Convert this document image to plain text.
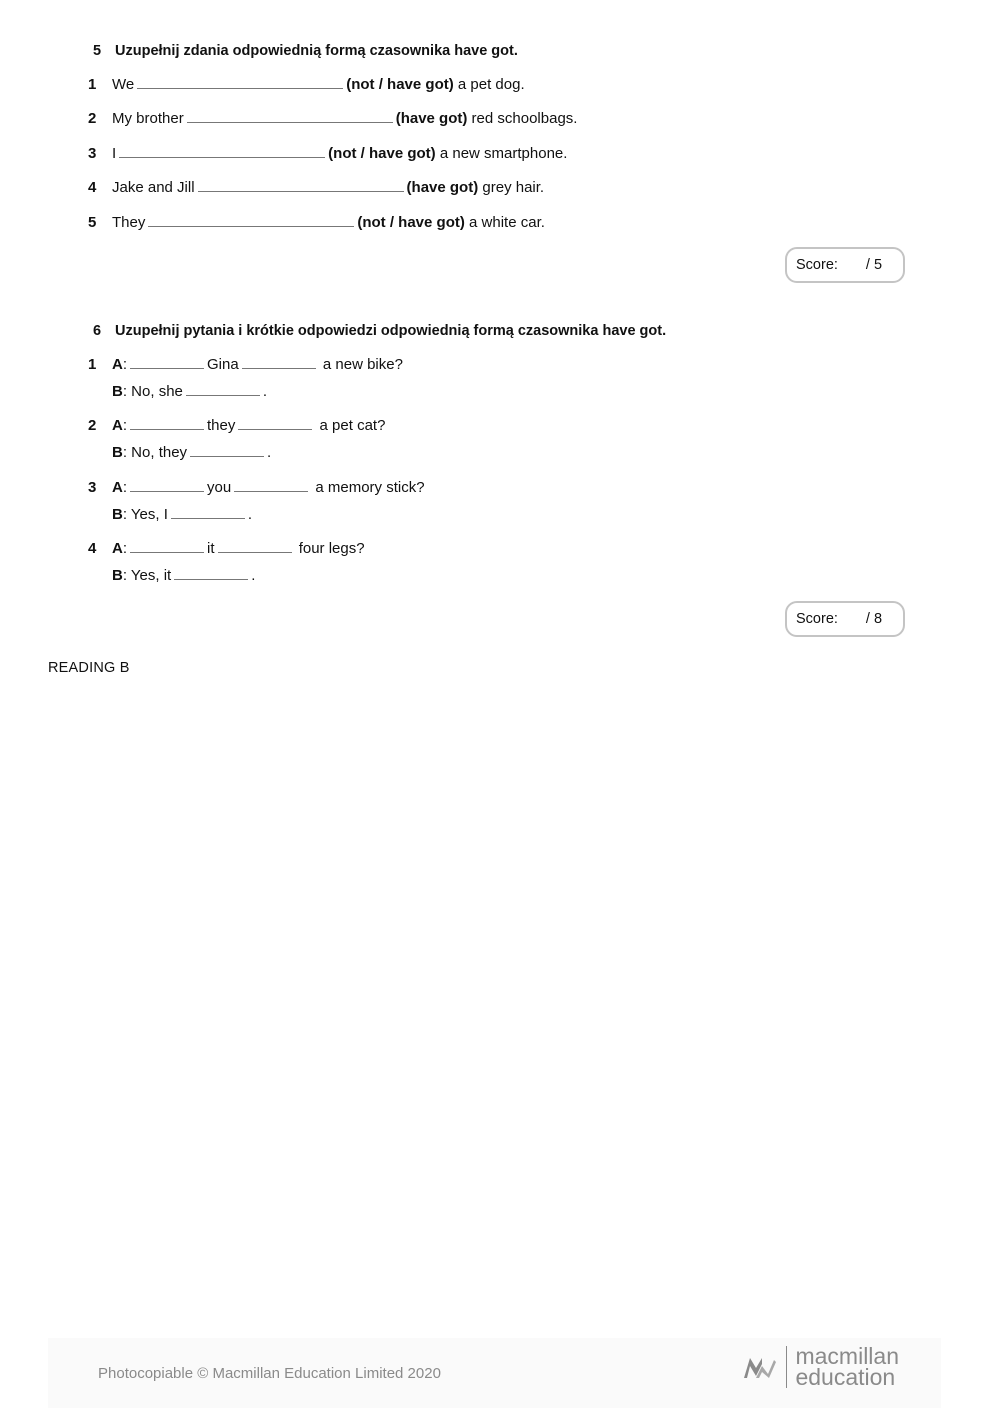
5 Uzupełnij zdania odpowiednią formą czasownika have got.
1 We	(not / have got) a pet dog.
2 My brother	(have got) red schoolbags.
3 I	(not / have got) a new smartphone.
4 Jake and Jill	(have got) grey hair.
5 They	(not / have got) a white car.
Score: / 5
6 Uzupełnij pytania i krótkie odpowiedzi odpowiednią formą czasownika have got.
1 A:	Gina	a new bike?
B: No, she	.
2 A:	they	a pet cat?
B: No, they	.
3 A:	you	a memory stick?
B: Yes, I	.
4 A:	it	four legs?
B: Yes, it	.
Score: / 8
READING B
Photocopiable © Macmillan Education Limited 2020
macmillan
education
